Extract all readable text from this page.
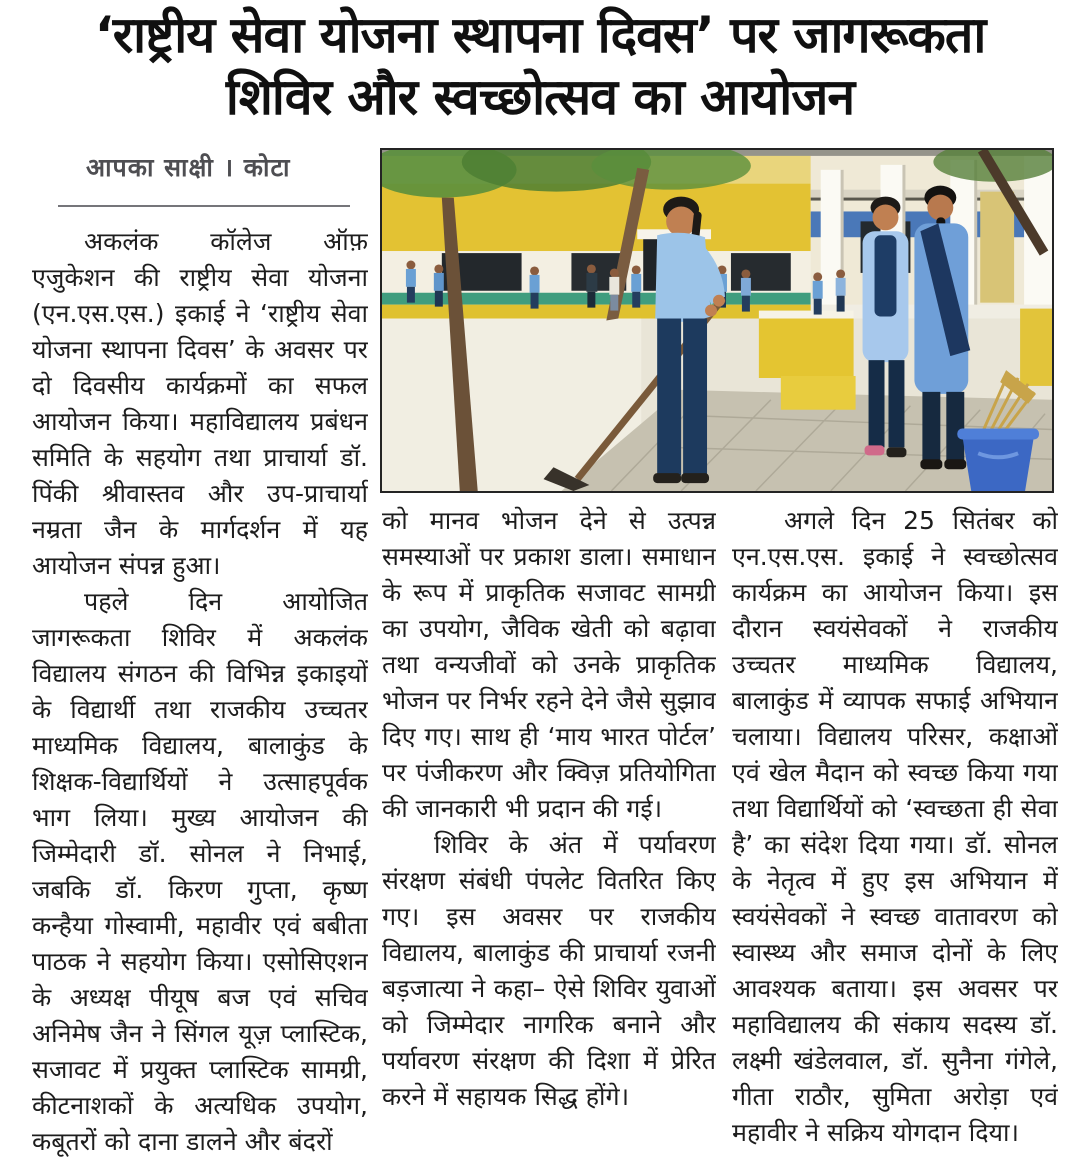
‘राष्ट्रीय सेवा योजना स्थापना दिवस’ पर जागरूकता
शिविर और स्वच्छोत्सव का आयोजन
आपका साक्षी । कोटा

अकलंक कॉलेज ऑफ़ एजुकेशन की राष्ट्रीय सेवा योजना (एन.एस.एस.) इकाई ने ‘राष्ट्रीय सेवा योजना स्थापना दिवस’ के अवसर पर दो दिवसीय कार्यक्रमों का सफल आयोजन किया। महाविद्यालय प्रबंधन समिति के सहयोग तथा प्राचार्या डॉ. पिंकी श्रीवास्तव और उप-प्राचार्या नम्रता जैन के मार्गदर्शन में यह आयोजन संपन्न हुआ।

पहले दिन आयोजित जागरूकता शिविर में अकलंक विद्यालय संगठन की विभिन्न इकाइयों के विद्यार्थी तथा राजकीय उच्चतर माध्यमिक विद्यालय, बालाकुंड के शिक्षक-विद्यार्थियों ने उत्साहपूर्वक भाग लिया। मुख्य आयोजन की जिम्मेदारी डॉ. सोनल ने निभाई, जबकि डॉ. किरण गुप्ता, कृष्ण कन्हैया गोस्वामी, महावीर एवं बबीता पाठक ने सहयोग किया। एसोसिएशन के अध्यक्ष पीयूष बज एवं सचिव अनिमेष जैन ने सिंगल यूज़ प्लास्टिक, सजावट में प्रयुक्त प्लास्टिक सामग्री, कीटनाशकों के अत्यधिक उपयोग, कबूतरों को दाना डालने और बंदरों

को मानव भोजन देने से उत्पन्न समस्याओं पर प्रकाश डाला। समाधान के रूप में प्राकृतिक सजावट सामग्री का उपयोग, जैविक खेती को बढ़ावा तथा वन्यजीवों को उनके प्राकृतिक भोजन पर निर्भर रहने देने जैसे सुझाव दिए गए। साथ ही ‘माय भारत पोर्टल’ पर पंजीकरण और क्विज़ प्रतियोगिता की जानकारी भी प्रदान की गई।

शिविर के अंत में पर्यावरण संरक्षण संबंधी पंपलेट वितरित किए गए। इस अवसर पर राजकीय विद्यालय, बालाकुंड की प्राचार्या रजनी बड़जात्या ने कहा– ऐसे शिविर युवाओं को जिम्मेदार नागरिक बनाने और पर्यावरण संरक्षण की दिशा में प्रेरित करने में सहायक सिद्ध होंगे।

अगले दिन 25 सितंबर को एन.एस.एस. इकाई ने स्वच्छोत्सव कार्यक्रम का आयोजन किया। इस दौरान स्वयंसेवकों ने राजकीय उच्चतर माध्यमिक विद्यालय, बालाकुंड में व्यापक सफाई अभियान चलाया। विद्यालय परिसर, कक्षाओं एवं खेल मैदान को स्वच्छ किया गया तथा विद्यार्थियों को ‘स्वच्छता ही सेवा है’ का संदेश दिया गया। डॉ. सोनल के नेतृत्व में हुए इस अभियान में स्वयंसेवकों ने स्वच्छ वातावरण को स्वास्थ्य और समाज दोनों के लिए आवश्यक बताया। इस अवसर पर महाविद्यालय की संकाय सदस्य डॉ. लक्ष्मी खंडेलवाल, डॉ. सुनैना गंगेले, गीता राठौर, सुमिता अरोड़ा एवं महावीर ने सक्रिय योगदान दिया।
